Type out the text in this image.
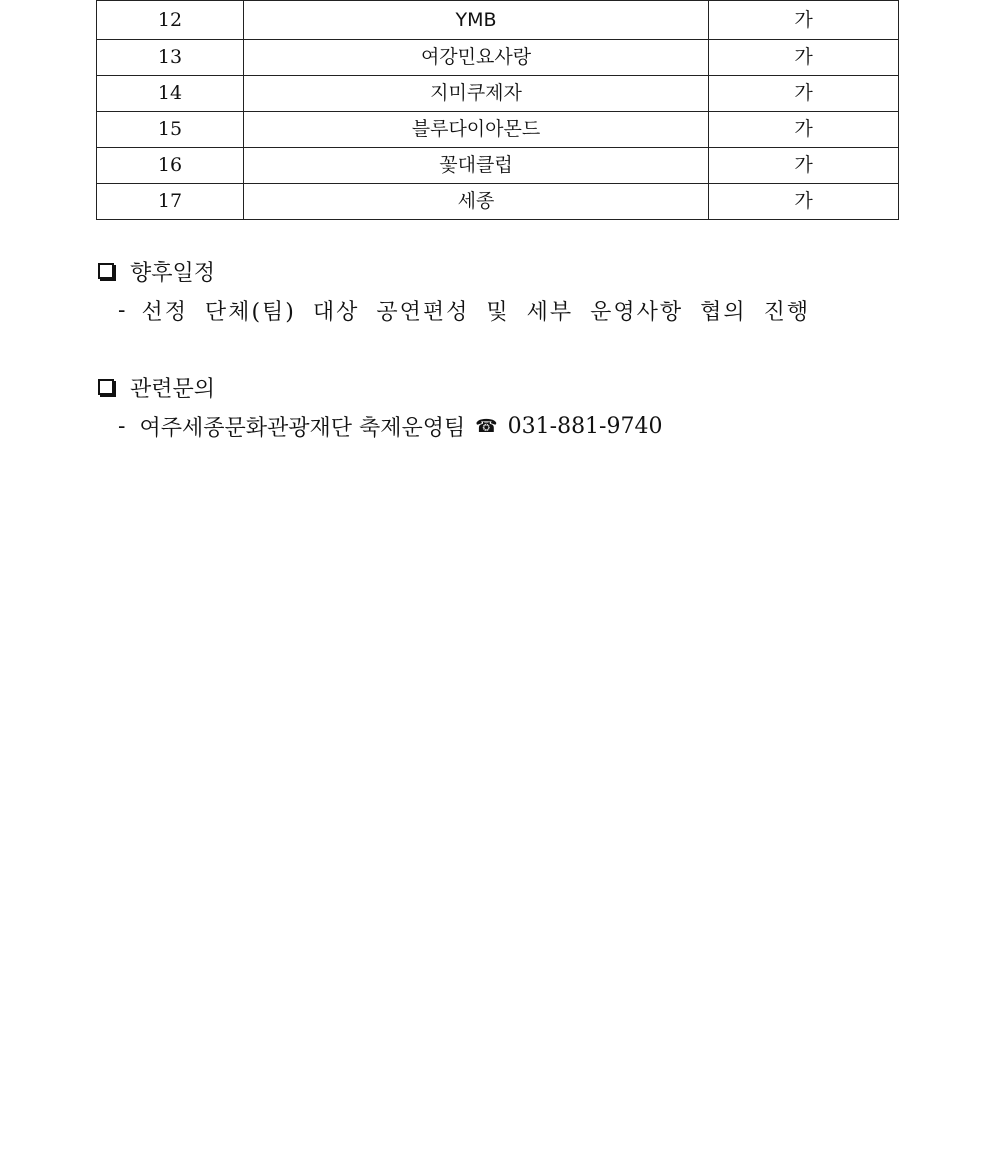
12	YMB	가
13	여강민요사랑	가
14	지미쿠제자	가
15	블루다이아몬드	가
16	꽃대클럽	가
17	세종	가
향후일정
- 선정 단체(팀) 대상 공연편성 및 세부 운영사항 협의 진행
관련문의
- 여주세종문화관광재단 축제운영팀 ☎ 031-881-9740
